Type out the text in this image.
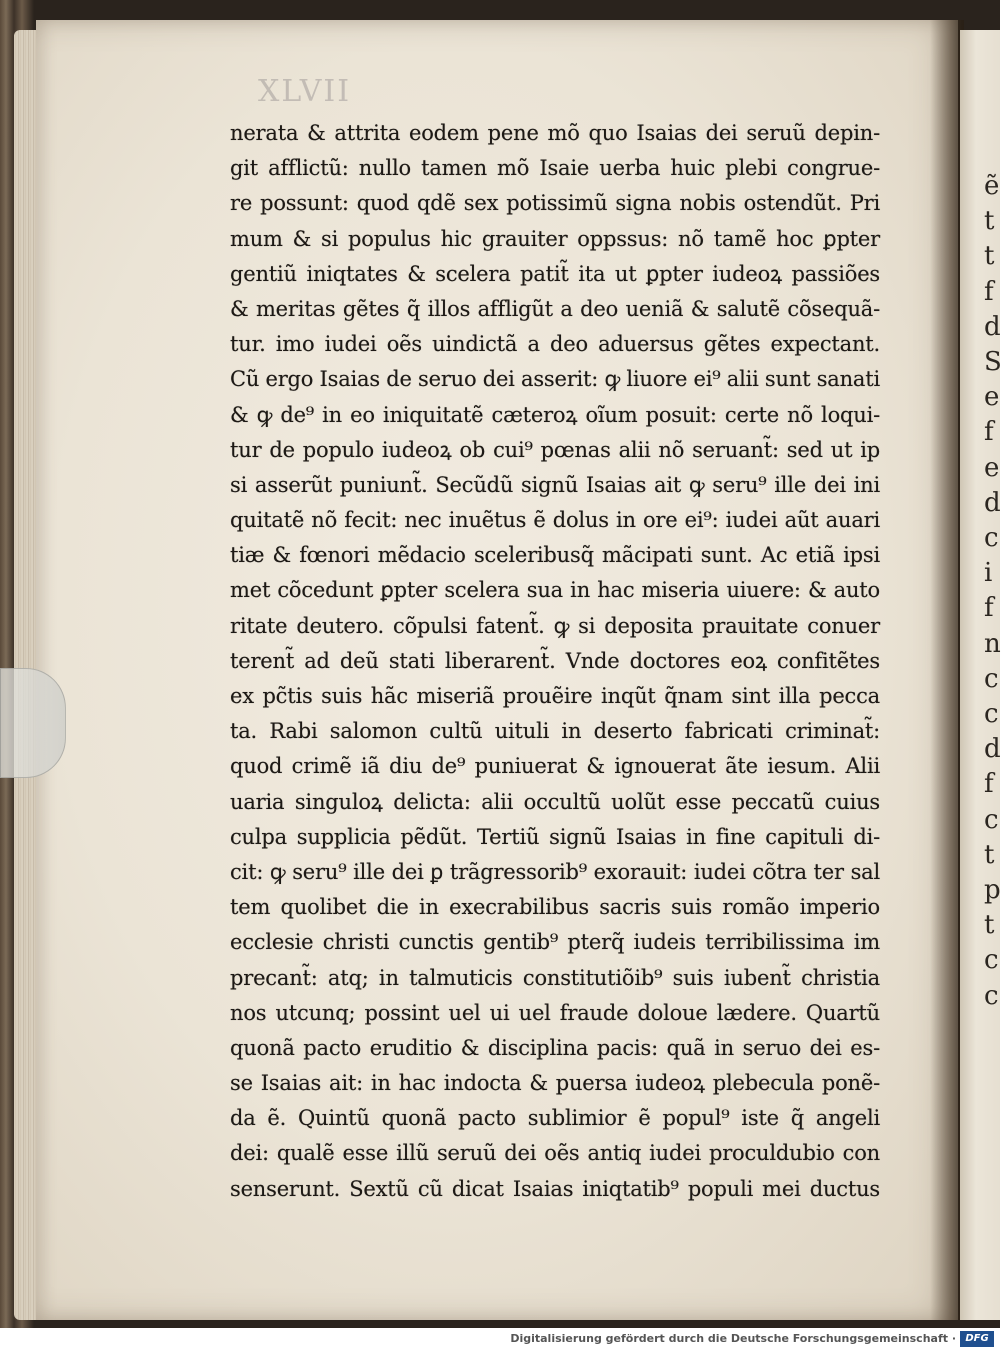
ẽ
t
t
f
d
S
e
f
e
d
c
i
f
n
c
c
d
f
c
t
p
t
c
c
XLVII
nerata & attrita eodem pene mõ quo Isaias dei seruũ depin-
git afflictũ: nullo tamen mõ Isaie uerba huic plebi congrue-
re possunt: quod qdẽ sex potissimũ signa nobis ostendũt. Pri
mum & si populus hic grauiter oppssus: nõ tamẽ hoc ꝑpter
gentiũ iniqtates & scelera patit̃ ita ut ꝑpter iudeoꝝ passiões
& meritas gẽtes q̃ illos affligũt a deo ueniã & salutẽ cõsequã-
tur. imo iudei oẽs uindictã a deo aduersus gẽtes expectant.
Cũ ergo Isaias de seruo dei asserit: ꝙ liuore ei⁹ alii sunt sanati
& ꝙ de⁹ in eo iniquitatẽ cæteroꝝ oĩum posuit: certe nõ loqui-
tur de populo iudeoꝝ ob cui⁹ pœnas alii nõ seruant̃: sed ut ip
si asserũt puniunt̃. Secũdũ signũ Isaias ait ꝙ seru⁹ ille dei ini
quitatẽ nõ fecit: nec inuẽtus ẽ dolus in ore ei⁹: iudei aũt auari
tiæ & fœnori mẽdacio sceleribusq̃ mãcipati sunt. Ac etiã ipsi
met cõcedunt ꝑpter scelera sua in hac miseria uiuere: & auto
ritate deutero. cõpulsi fatent̃. ꝙ si deposita prauitate conuer
terent̃ ad deũ stati liberarent̃. Vnde doctores eoꝝ confitẽtes
ex pc̃tis suis hãc miseriã prouẽire inqũt q̃nam sint illa pecca
ta. Rabi salomon cultũ uituli in deserto fabricati criminat̃:
quod crimẽ iã diu de⁹ puniuerat & ignouerat ãte iesum. Alii
uaria singuloꝝ delicta: alii occultũ uolũt esse peccatũ cuius
culpa supplicia pẽdũt. Tertiũ signũ Isaias in fine capituli di-
cit: ꝙ seru⁹ ille dei ꝑ trãgressorib⁹ exorauit: iudei cõtra ter sal
tem quolibet die in execrabilibus sacris suis romão imperio
ecclesie christi cunctis gentib⁹ pterq̃ iudeis terribilissima im
precant̃: atq; in talmuticis constitutiõib⁹ suis iubent̃ christia
nos utcunq; possint uel ui uel fraude doloue lædere. Quartũ
quonã pacto eruditio & disciplina pacis: quã in seruo dei es-
se Isaias ait: in hac indocta & puersa iudeoꝝ plebecula ponẽ-
da ẽ. Quintũ quonã pacto sublimior ẽ popul⁹ iste q̃ angeli
dei: qualẽ esse illũ seruũ dei oẽs antiq iudei proculdubio con
senserunt. Sextũ cũ dicat Isaias iniqtatib⁹ populi mei ductus
Digitalisierung gefördert durch die Deutsche Forschungsgemeinschaft · DFG
